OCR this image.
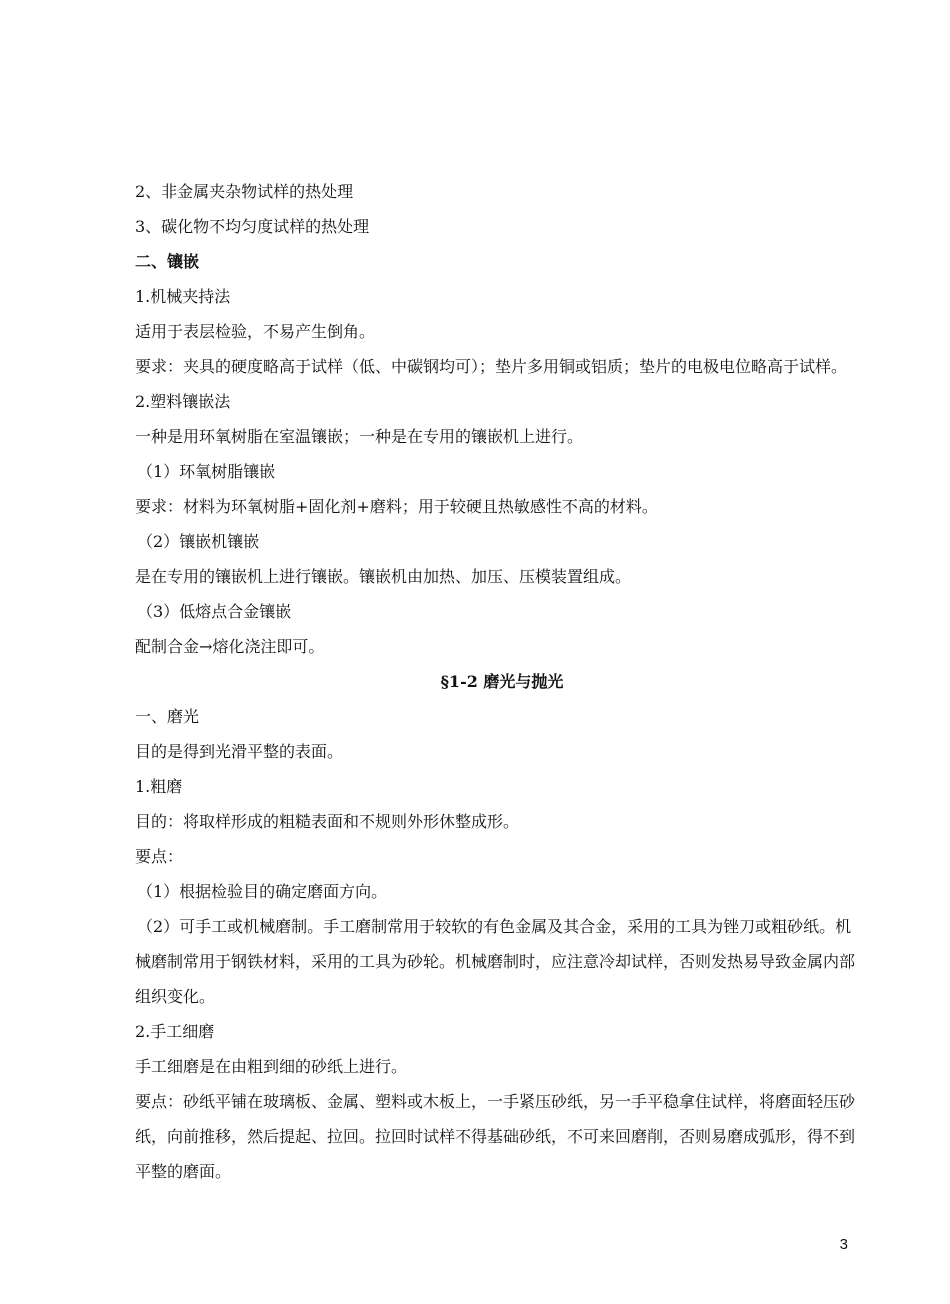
2、非金属夹杂物试样的热处理

3、碳化物不均匀度试样的热处理

二、镶嵌

1.机械夹持法

适用于表层检验，不易产生倒角。

要求：夹具的硬度略高于试样（低、中碳钢均可）；垫片多用铜或铝质；垫片的电极电位略高于试样。

2.塑料镶嵌法

一种是用环氧树脂在室温镶嵌；一种是在专用的镶嵌机上进行。

（1）环氧树脂镶嵌

要求：材料为环氧树脂+固化剂+磨料；用于较硬且热敏感性不高的材料。

（2）镶嵌机镶嵌

是在专用的镶嵌机上进行镶嵌。镶嵌机由加热、加压、压模装置组成。

（3）低熔点合金镶嵌

配制合金→熔化浇注即可。

§1-2 磨光与抛光

一、磨光

目的是得到光滑平整的表面。

1.粗磨

目的：将取样形成的粗糙表面和不规则外形休整成形。

要点：

（1）根据检验目的确定磨面方向。

（2）可手工或机械磨制。手工磨制常用于较软的有色金属及其合金，采用的工具为锉刀或粗砂纸。机械磨制常用于钢铁材料，采用的工具为砂轮。机械磨制时，应注意冷却试样，否则发热易导致金属内部组织变化。

2.手工细磨

手工细磨是在由粗到细的砂纸上进行。

要点：砂纸平铺在玻璃板、金属、塑料或木板上，一手紧压砂纸，另一手平稳拿住试样，将磨面轻压砂纸，向前推移，然后提起、拉回。拉回时试样不得基础砂纸，不可来回磨削，否则易磨成弧形，得不到平整的磨面。

3
